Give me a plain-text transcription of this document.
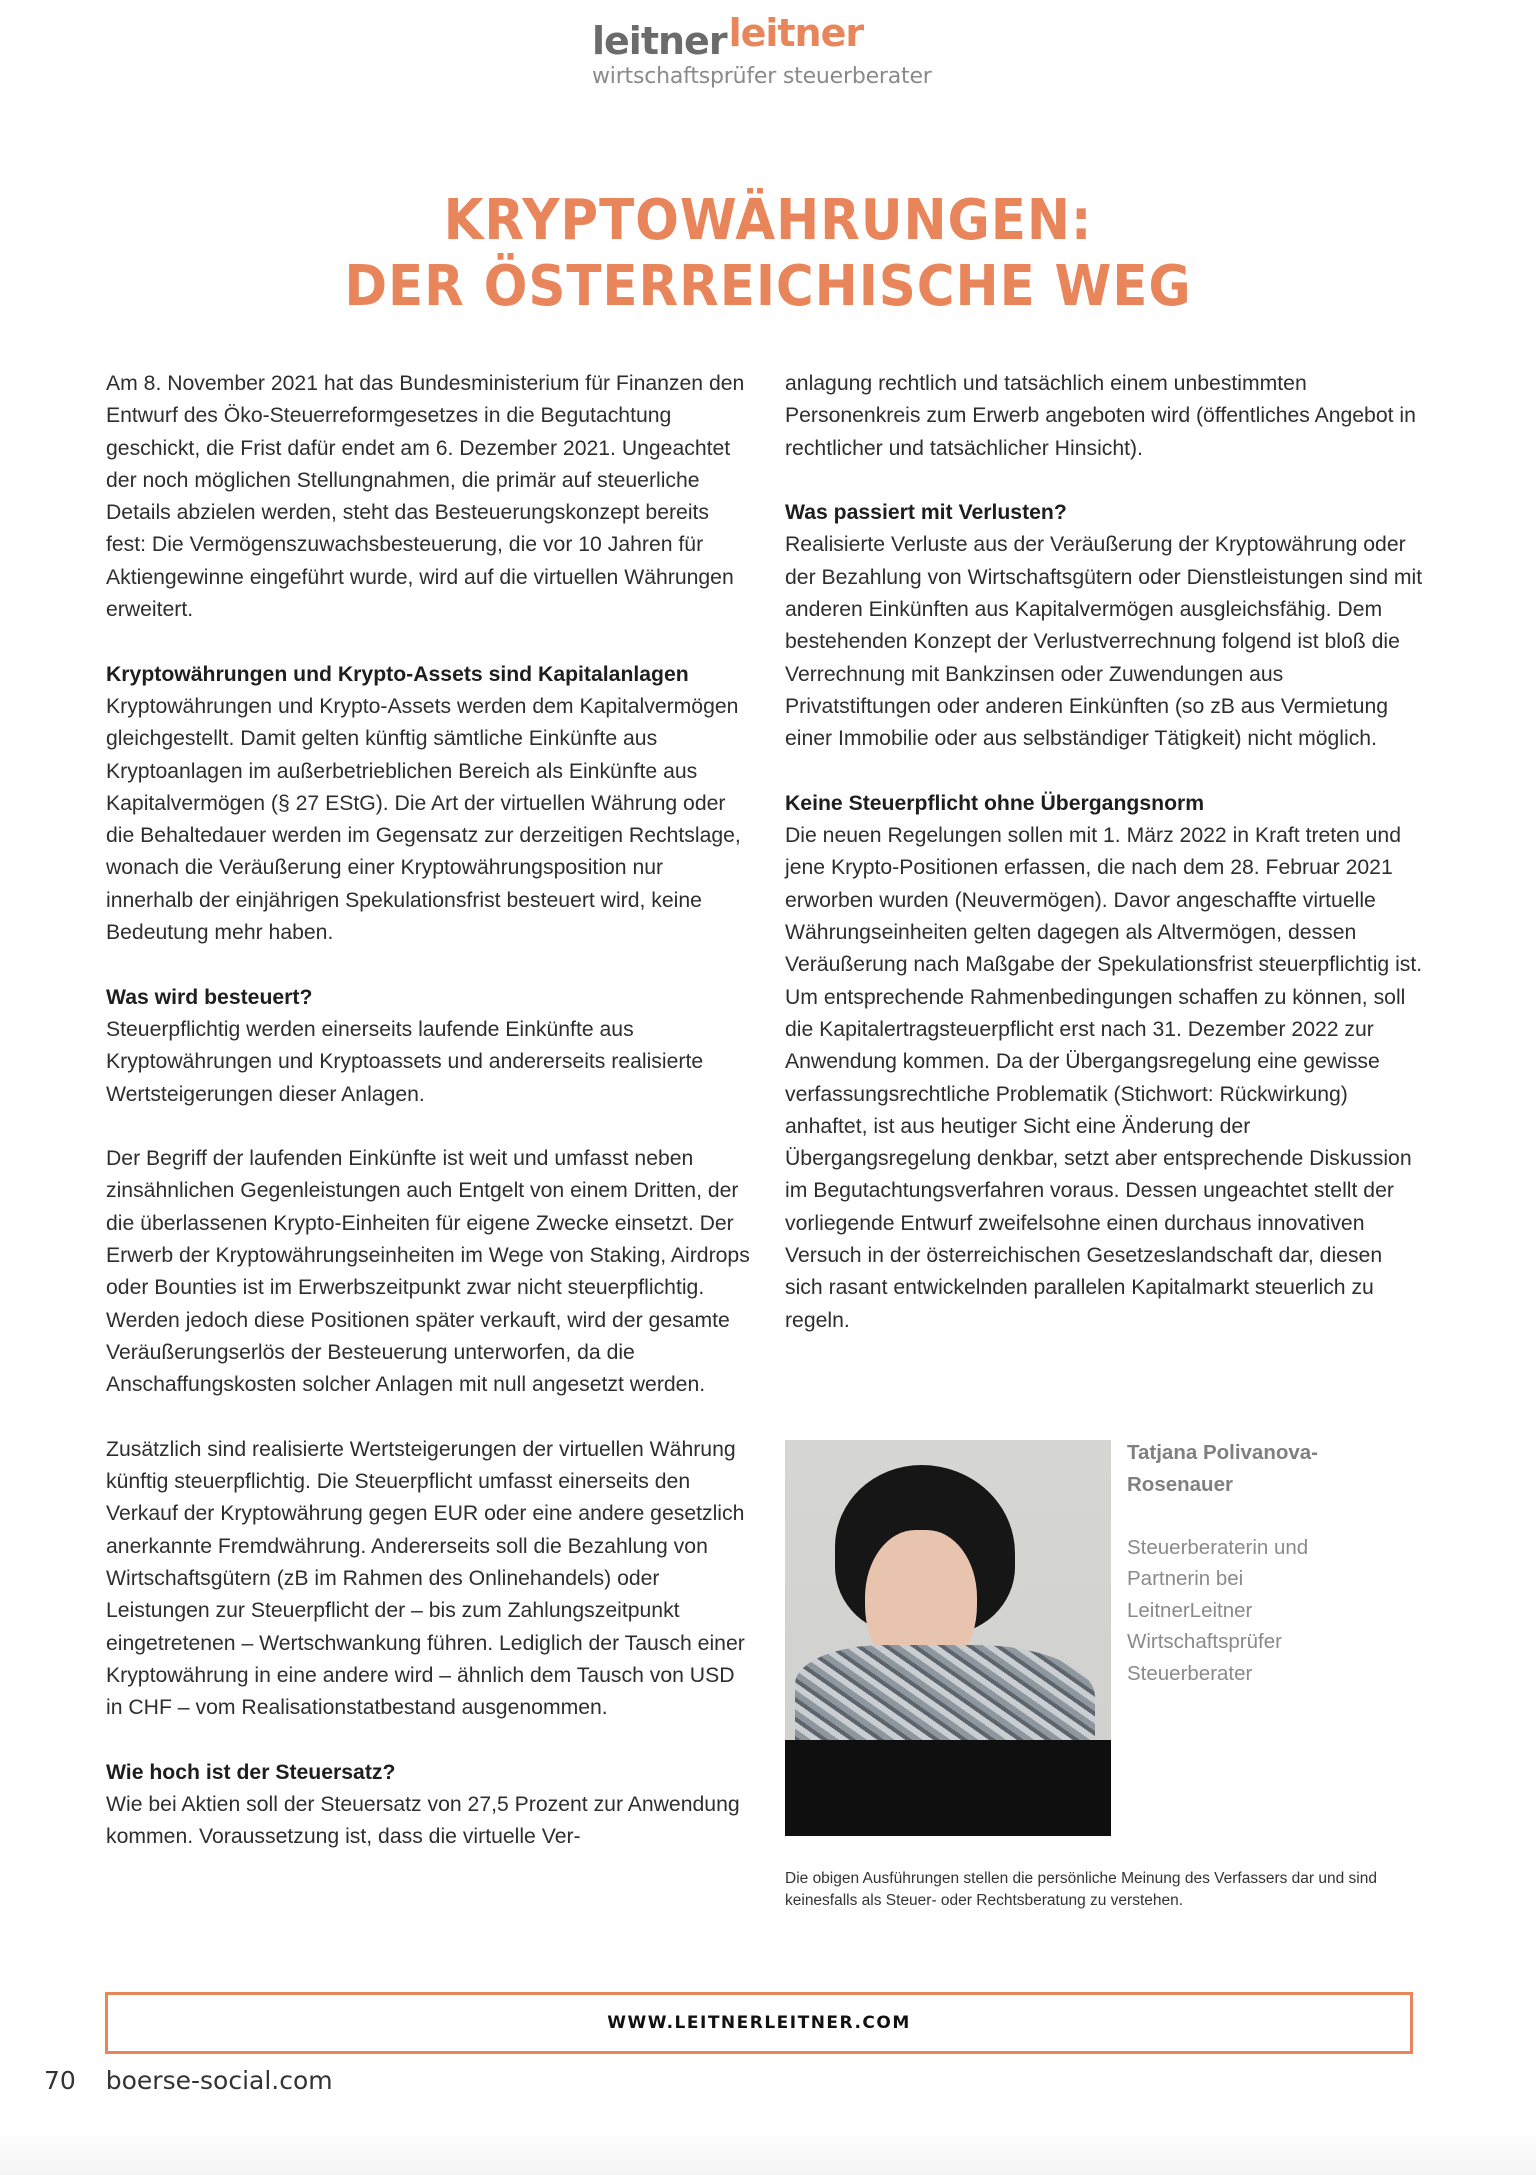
leitner leitner
wirtschaftsprüfer steuerberater
KRYPTOWÄHRUNGEN:
DER ÖSTERREICHISCHE WEG

Am 8. November 2021 hat das Bundesministerium für Finanzen den Entwurf des Öko-Steuerreformgesetzes in die Begutachtung geschickt, die Frist dafür endet am 6. Dezember 2021. Ungeachtet der noch möglichen Stellungnahmen, die primär auf steuerliche Details abzielen werden, steht das Besteuerungskonzept bereits fest: Die Vermögenszuwachsbesteuerung, die vor 10 Jahren für Aktiengewinne eingeführt wurde, wird auf die virtuellen Währungen erweitert.

Kryptowährungen und Krypto-Assets sind Kapitalanlagen

Kryptowährungen und Krypto-Assets werden dem Kapitalvermögen gleichgestellt. Damit gelten künftig sämtliche Einkünfte aus Kryptoanlagen im außerbetrieblichen Bereich als Einkünfte aus Kapitalvermögen (§ 27 EStG). Die Art der virtuellen Währung oder die Behaltedauer werden im Gegensatz zur derzeitigen Rechtslage, wonach die Veräußerung einer Kryptowährungsposition nur innerhalb der einjährigen Spekulationsfrist besteuert wird, keine Bedeutung mehr haben.

Was wird besteuert?

Steuerpflichtig werden einerseits laufende Einkünfte aus Kryptowährungen und Kryptoassets und andererseits realisierte Wertsteigerungen dieser Anlagen.

Der Begriff der laufenden Einkünfte ist weit und umfasst neben zinsähnlichen Gegenleistungen auch Entgelt von einem Dritten, der die überlassenen Krypto-Einheiten für eigene Zwecke einsetzt. Der Erwerb der Kryptowährungseinheiten im Wege von Staking, Airdrops oder Bounties ist im Erwerbszeitpunkt zwar nicht steuerpflichtig. Werden jedoch diese Positionen später verkauft, wird der gesamte Veräußerungserlös der Besteuerung unterworfen, da die Anschaffungskosten solcher Anlagen mit null angesetzt werden.

Zusätzlich sind realisierte Wertsteigerungen der virtuellen Währung künftig steuerpflichtig. Die Steuerpflicht umfasst einerseits den Verkauf der Kryptowährung gegen EUR oder eine andere gesetzlich anerkannte Fremdwährung. Andererseits soll die Bezahlung von Wirtschaftsgütern (zB im Rahmen des Onlinehandels) oder Leistungen zur Steuerpflicht der – bis zum Zahlungszeitpunkt eingetretenen – Wertschwankung führen. Lediglich der Tausch einer Kryptowährung in eine andere wird – ähnlich dem Tausch von USD in CHF – vom Realisationstatbestand ausgenommen.

Wie hoch ist der Steuersatz?

Wie bei Aktien soll der Steuersatz von 27,5 Prozent zur Anwendung kommen. Voraussetzung ist, dass die virtuelle Ver-

anlagung rechtlich und tatsächlich einem unbestimmten Personenkreis zum Erwerb angeboten wird (öffentliches Angebot in rechtlicher und tatsächlicher Hinsicht).

Was passiert mit Verlusten?

Realisierte Verluste aus der Veräußerung der Kryptowährung oder der Bezahlung von Wirtschaftsgütern oder Dienstleistungen sind mit anderen Einkünften aus Kapitalvermögen ausgleichsfähig. Dem bestehenden Konzept der Verlustverrechnung folgend ist bloß die Verrechnung mit Bankzinsen oder Zuwendungen aus Privatstiftungen oder anderen Einkünften (so zB aus Vermietung einer Immobilie oder aus selbständiger Tätigkeit) nicht möglich.

Keine Steuerpflicht ohne Übergangsnorm

Die neuen Regelungen sollen mit 1. März 2022 in Kraft treten und jene Krypto-Positionen erfassen, die nach dem 28. Februar 2021 erworben wurden (Neuvermögen). Davor angeschaffte virtuelle Währungseinheiten gelten dagegen als Altvermögen, dessen Veräußerung nach Maßgabe der Spekulationsfrist steuerpflichtig ist. Um entsprechende Rahmenbedingungen schaffen zu können, soll die Kapitalertragsteuerpflicht erst nach 31. Dezember 2022 zur Anwendung kommen. Da der Übergangsregelung eine gewisse verfassungsrechtliche Problematik (Stichwort: Rückwirkung) anhaftet, ist aus heutiger Sicht eine Änderung der Übergangsregelung denkbar, setzt aber entsprechende Diskussion im Begutachtungsverfahren voraus. Dessen ungeachtet stellt der vorliegende Entwurf zweifelsohne einen durchaus innovativen Versuch in der österreichischen Gesetzeslandschaft dar, diesen sich rasant entwickelnden parallelen Kapitalmarkt steuerlich zu regeln.

Tatjana Polivanova-
Rosenauer
Steuerberaterin und
Partnerin bei
LeitnerLeitner
Wirtschaftsprüfer
Steuerberater
Die obigen Ausführungen stellen die persönliche Meinung des Verfassers dar und sind keinesfalls als Steuer- oder Rechtsberatung zu verstehen.
WWW.LEITNERLEITNER.COM
70 boerse-social.com
